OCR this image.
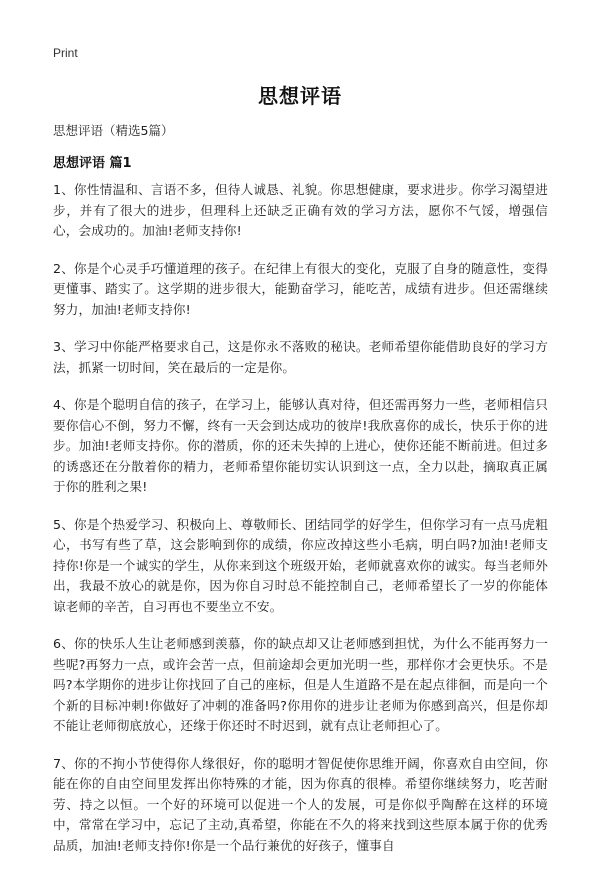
Print
思想评语
思想评语（精选5篇）
思想评语 篇1

1、你性情温和、言语不多，但待人诚恳、礼貌。你思想健康，要求进步。你学习渴望进步，并有了很大的进步，但理科上还缺乏正确有效的学习方法，愿你不气馁，增强信心，会成功的。加油!老师支持你!

2、你是个心灵手巧懂道理的孩子。在纪律上有很大的变化，克服了自身的随意性，变得更懂事、踏实了。这学期的进步很大，能勤奋学习，能吃苦，成绩有进步。但还需继续努力，加油!老师支持你!

3、学习中你能严格要求自己，这是你永不落败的秘诀。老师希望你能借助良好的学习方法，抓紧一切时间，笑在最后的一定是你。

4、你是个聪明自信的孩子，在学习上，能够认真对待，但还需再努力一些，老师相信只要你信心不倒，努力不懈，终有一天会到达成功的彼岸!我欣喜你的成长，快乐于你的进步。加油!老师支持你。你的潜质，你的还未失掉的上进心，使你还能不断前进。但过多的诱惑还在分散着你的精力，老师希望你能切实认识到这一点，全力以赴，摘取真正属于你的胜利之果!

5、你是个热爱学习、积极向上、尊敬师长、团结同学的好学生，但你学习有一点马虎粗心，书写有些了草，这会影响到你的成绩，你应改掉这些小毛病，明白吗?加油!老师支持你!你是一个诚实的学生，从你来到这个班级开始，老师就喜欢你的诚实。每当老师外出，我最不放心的就是你，因为你自习时总不能控制自己，老师希望长了一岁的你能体谅老师的辛苦，自习再也不要坐立不安。

6、你的快乐人生让老师感到羡慕，你的缺点却又让老师感到担忧，为什么不能再努力一些呢?再努力一点，或许会苦一点，但前途却会更加光明一些，那样你才会更快乐。不是吗?本学期你的进步让你找回了自己的座标，但是人生道路不是在起点徘徊，而是向一个个新的目标冲刺!你做好了冲刺的准备吗?你用你的进步让老师为你感到高兴，但是你却不能让老师彻底放心，还缘于你还时不时迟到，就有点让老师担心了。

7、你的不拘小节使得你人缘很好，你的聪明才智促使你思维开阔，你喜欢自由空间，你能在你的自由空间里发挥出你特殊的才能，因为你真的很棒。希望你继续努力，吃苦耐劳、持之以恒。一个好的环境可以促进一个人的发展，可是你似乎陶醉在这样的环境中，常常在学习中，忘记了主动,真希望，你能在不久的将来找到这些原本属于你的优秀品质，加油!老师支持你!你是一个品行兼优的好孩子，懂事自
